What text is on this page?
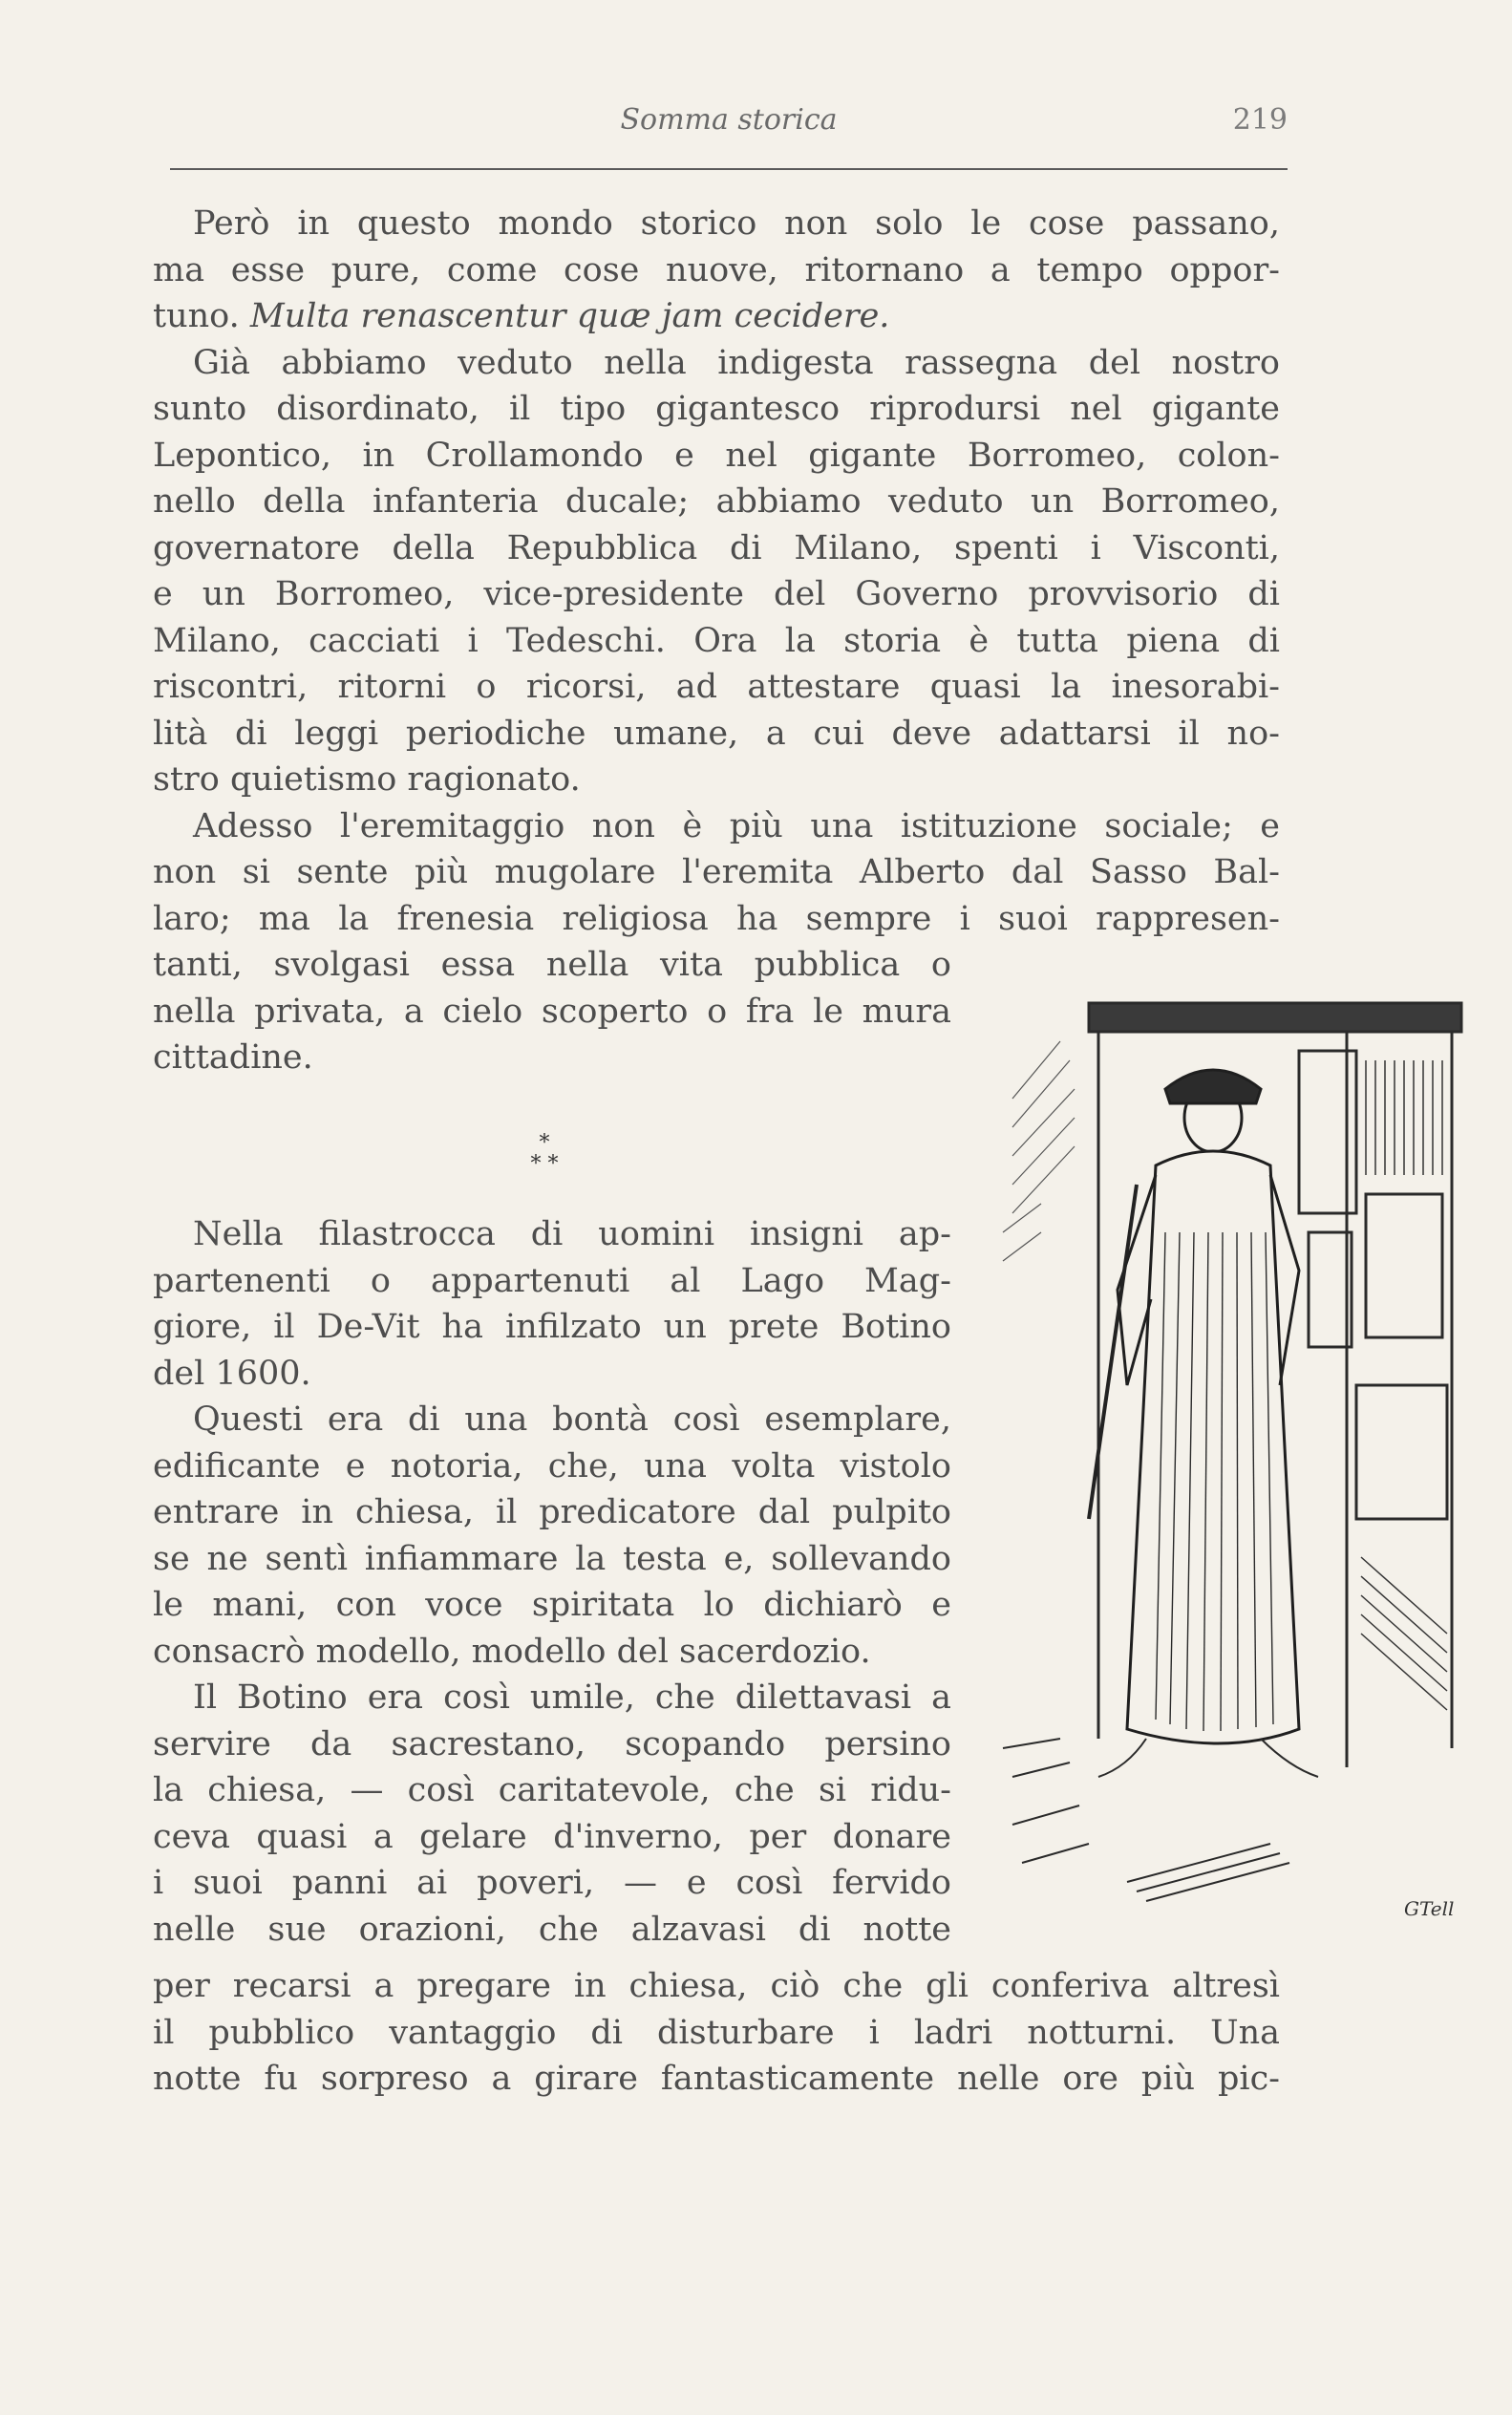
Somma storica	219
Però in questo mondo storico non solo le cose passano,
ma esse pure, come cose nuove, ritornano a tempo oppor-
tuno. Multa renascentur quæ jam cecidere.
Già abbiamo veduto nella indigesta rassegna del nostro
sunto disordinato, il tipo gigantesco riprodursi nel gigante
Lepontico, in Crollamondo e nel gigante Borromeo, colon-
nello della infanteria ducale; abbiamo veduto un Borromeo,
governatore della Repubblica di Milano, spenti i Visconti,
e un Borromeo, vice-presidente del Governo provvisorio di
Milano, cacciati i Tedeschi. Ora la storia è tutta piena di
riscontri, ritorni o ricorsi, ad attestare quasi la inesorabi-
lità di leggi periodiche umane, a cui deve adattarsi il no-
stro quietismo ragionato.
Adesso l'eremitaggio non è più una istituzione sociale; e
non si sente più mugolare l'eremita Alberto dal Sasso Bal-
laro; ma la frenesia religiosa ha sempre i suoi rappresen-
tanti, svolgasi essa nella vita pubblica o
nella privata, a cielo scoperto o fra le mura
cittadine.
*
* *
Nella filastrocca di uomini insigni ap-
partenenti o appartenuti al Lago Mag-
giore, il De-Vit ha infilzato un prete Botino
del 1600.
Questi era di una bontà così esemplare,
edificante e notoria, che, una volta vistolo
entrare in chiesa, il predicatore dal pulpito
se ne sentì infiammare la testa e, sollevando
le mani, con voce spiritata lo dichiarò e
consacrò modello, modello del sacerdozio.
Il Botino era così umile, che dilettavasi a
servire da sacrestano, scopando persino
la chiesa, — così caritatevole, che si ridu-
ceva quasi a gelare d'inverno, per donare
i suoi panni ai poveri, — e così fervido
nelle sue orazioni, che alzavasi di notte
per recarsi a pregare in chiesa, ciò che gli conferiva altresì
il pubblico vantaggio di disturbare i ladri notturni. Una
notte fu sorpreso a girare fantasticamente nelle ore più pic-
GTell
